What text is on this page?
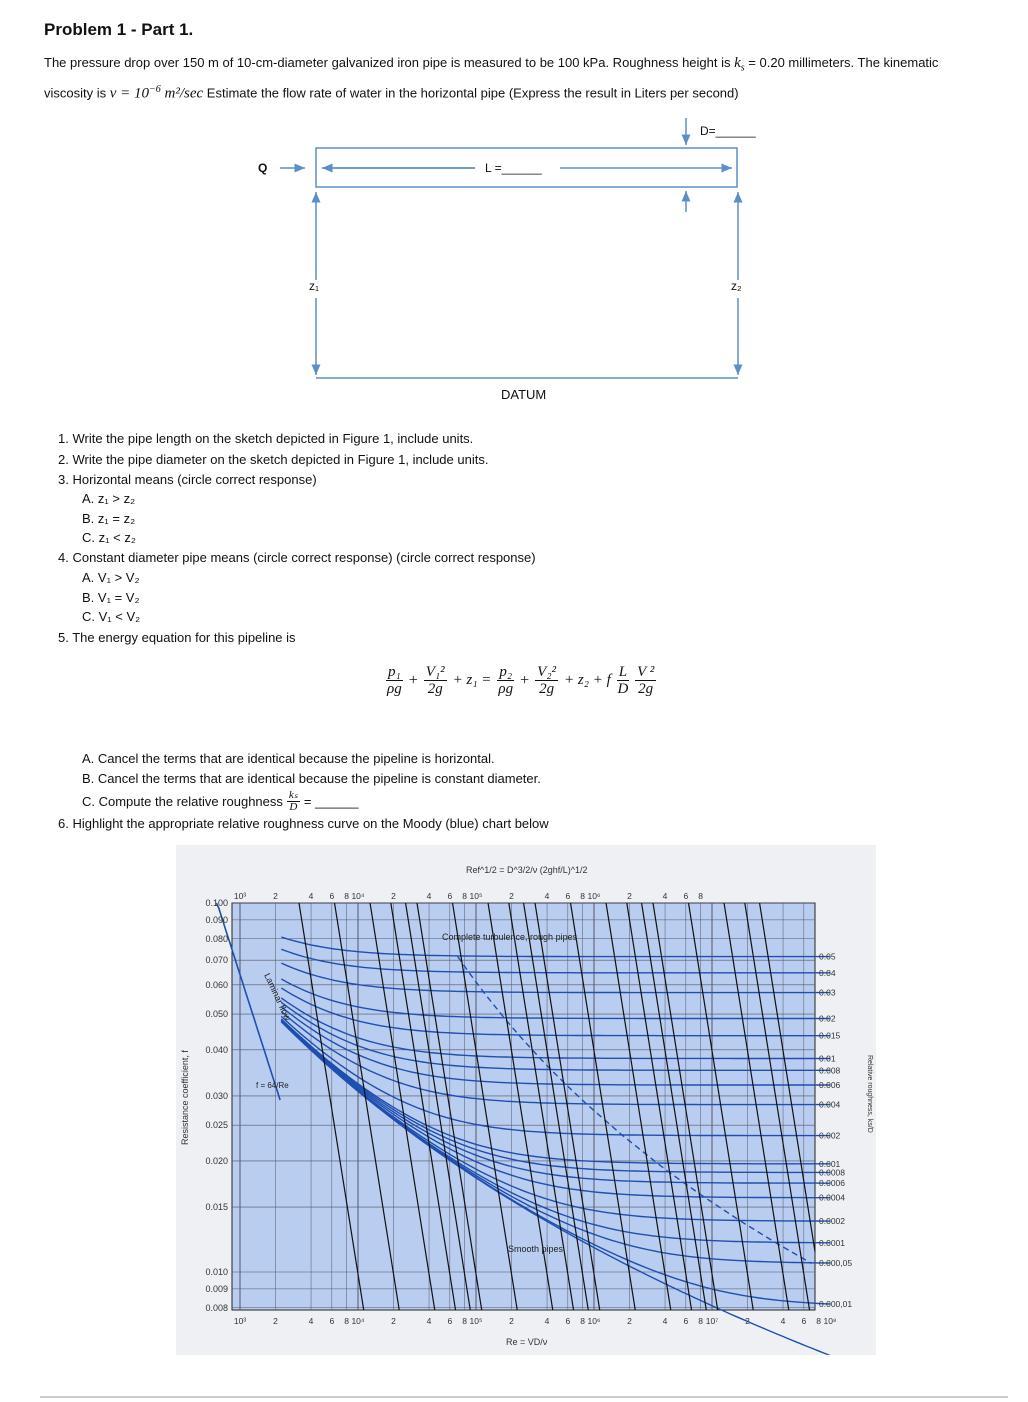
Problem 1 - Part 1.
The pressure drop over 150 m of 10-cm-diameter galvanized iron pipe is measured to be 100 kPa. Roughness height is $k_s = 0.20$ millimeters. The kinematic
viscosity is $\nu = 10^{-6}$ m²/sec Estimate the flow rate of water in the horizontal pipe (Express the result in Liters per second)
Q	L =______
D=______
z₁	z₂
DATUM
1. Write the pipe length on the sketch depicted in Figure 1, include units.
2. Write the pipe diameter on the sketch depicted in Figure 1, include units.
3. Horizontal means (circle correct response)
A. z₁ > z₂
B. z₁ = z₂
C. z₁ < z₂
4. Constant diameter pipe means (circle correct response) (circle correct response)
A. V₁ > V₂
B. V₁ = V₂
C. V₁ < V₂
5. The energy equation for this pipeline is
$\frac{\text{p₁}}{\rho g} + \frac{\text{V₁²}}{2g} + z_1 = \frac{\text{p₂}}{\rho g} + \frac{\text{V₂²}}{2g} + z_2 + f \frac{L}{D} \frac{\text{V ²}}{2g}$
A. Cancel the terms that are identical because the pipeline is horizontal.
B. Cancel the terms that are identical because the pipeline is constant diameter.
C. Compute the relative roughness $\frac{\text{kₛ}}{D}$ = ______
6. Highlight the appropriate relative roughness curve on the Moody (blue) chart below
0.100
0.090
0.080
0.070
0.060
0.050
0.040
0.030
0.025
0.020
0.015
0.010
0.009
0.008
0.05
0.04
0.03
0.02
0.015
0.01
0.008
0.006
0.004
0.002
0.001
0.0008
0.0006
0.0004
0.0002
0.0001
0.000,05
0.000,01
10³	2	4 6 8 10⁴	2	4 6 8 10⁵	2	4 6 8 10⁶	2	4 6 8 10⁷	2	4 6 8 10⁸
10³	2	4 6 8 10⁴	2	4 6 8 10⁵	2	4 6 8 10⁶	2	4 6 8
Ref^1/2 = D^3/2/ν (2ghf/L)^1/2
Re = VD/ν
Resistance coefficient, f	Relative roughness, ks/D
Complete turbulence, rough pipes
Smooth pipes
Laminar flow
f = 64/Re
